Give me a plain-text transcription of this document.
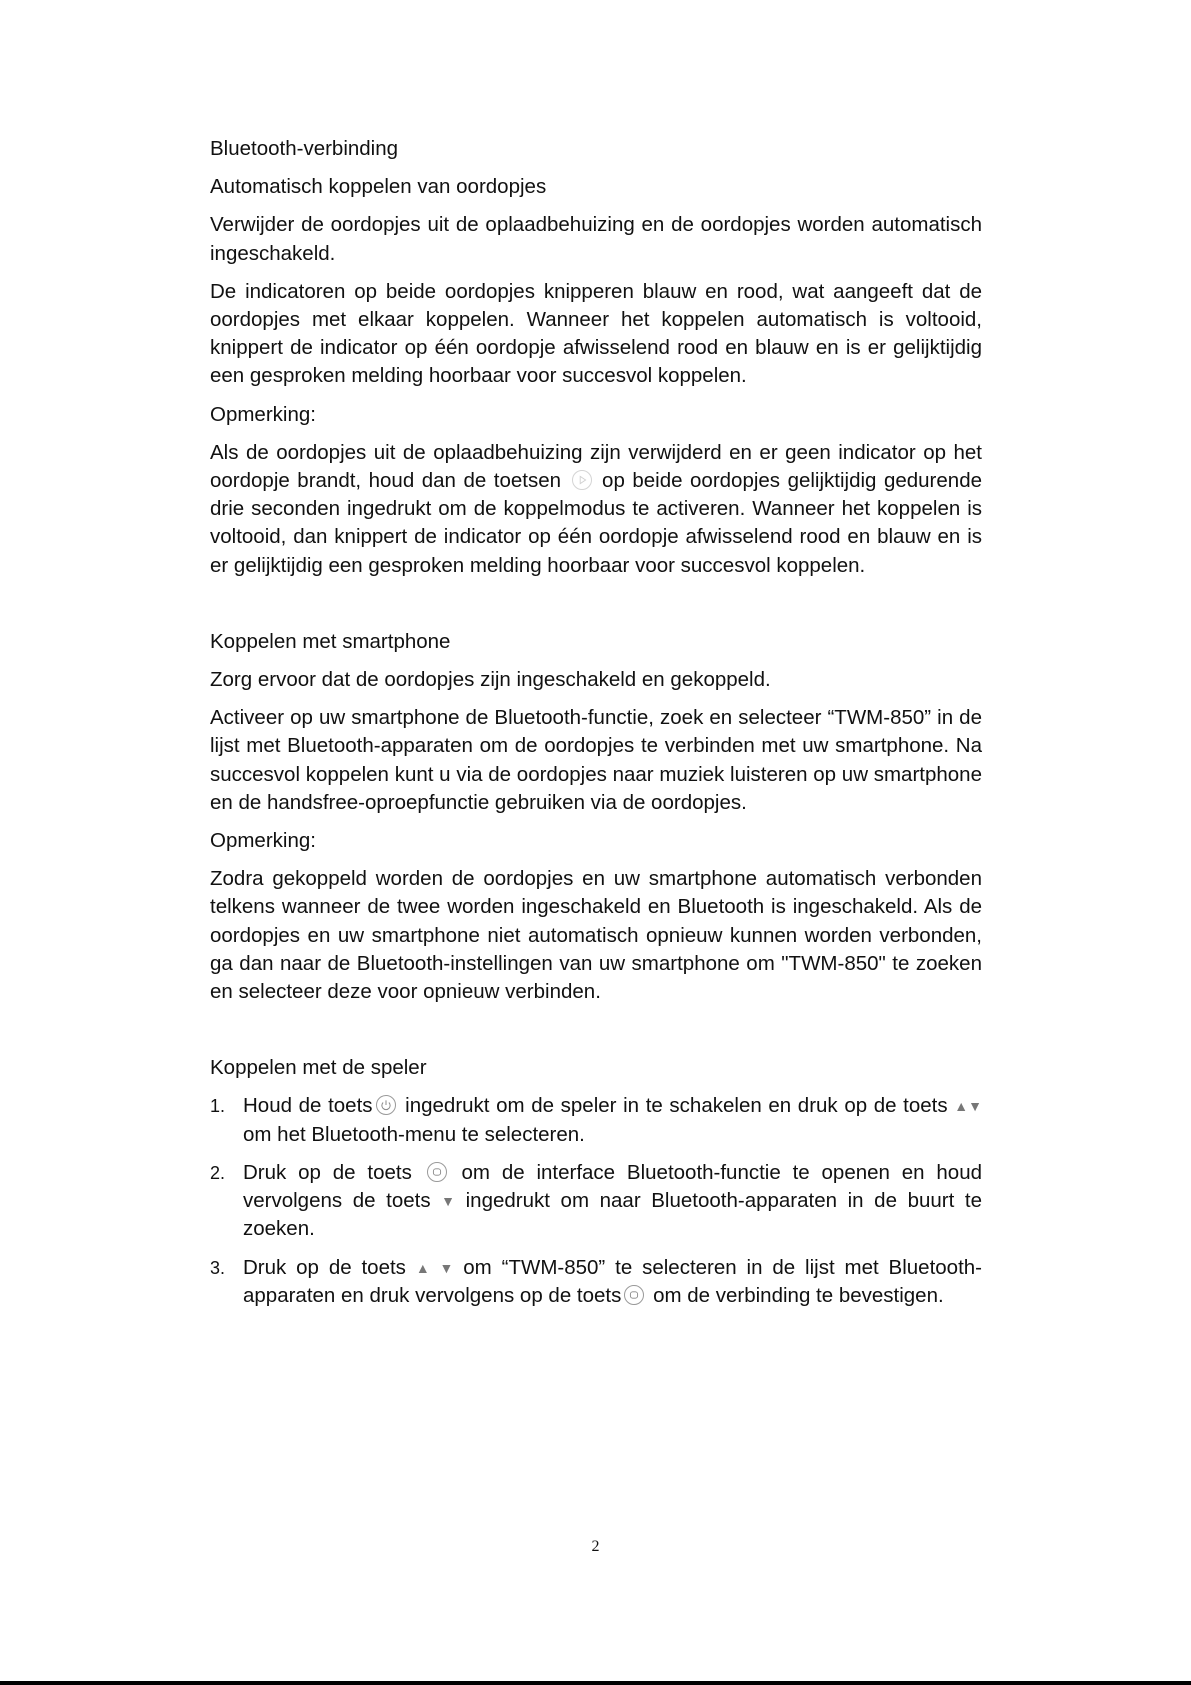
Bluetooth-verbinding
Automatisch koppelen van oordopjes
Verwijder de oordopjes uit de oplaadbehuizing en de oordopjes worden automatisch ingeschakeld.
De indicatoren op beide oordopjes knipperen blauw en rood, wat aangeeft dat de oordopjes met elkaar koppelen. Wanneer het koppelen automatisch is voltooid, knippert de indicator op één oordopje afwisselend rood en blauw en is er gelijktijdig een gesproken melding hoorbaar voor succesvol koppelen.
Opmerking:
Als de oordopjes uit de oplaadbehuizing zijn verwijderd en er geen indicator op het oordopje brandt, houd dan de toetsen op beide oordopjes gelijktijdig gedurende drie seconden ingedrukt om de koppelmodus te activeren. Wanneer het koppelen is voltooid, dan knippert de indicator op één oordopje afwisselend rood en blauw en is er gelijktijdig een gesproken melding hoorbaar voor succesvol koppelen.
Koppelen met smartphone
Zorg ervoor dat de oordopjes zijn ingeschakeld en gekoppeld.
Activeer op uw smartphone de Bluetooth-functie, zoek en selecteer “TWM-850” in de lijst met Bluetooth-apparaten om de oordopjes te verbinden met uw smartphone. Na succesvol koppelen kunt u via de oordopjes naar muziek luisteren op uw smartphone en de handsfree-oproepfunctie gebruiken via de oordopjes.
Opmerking:
Zodra gekoppeld worden de oordopjes en uw smartphone automatisch verbonden telkens wanneer de twee worden ingeschakeld en Bluetooth is ingeschakeld. Als de oordopjes en uw smartphone niet automatisch opnieuw kunnen worden verbonden, ga dan naar de Bluetooth-instellingen van uw smartphone om "TWM-850" te zoeken en selecteer deze voor opnieuw verbinden.
Koppelen met de speler
1. Houd de toets ingedrukt om de speler in te schakelen en druk op de toets ▲▼ om het Bluetooth-menu te selecteren.
2. Druk op de toets om de interface Bluetooth-functie te openen en houd vervolgens de toets ▼ ingedrukt om naar Bluetooth-apparaten in de buurt te zoeken.
3. Druk op de toets ▲ ▼ om “TWM-850” te selecteren in de lijst met Bluetooth-apparaten en druk vervolgens op de toets om de verbinding te bevestigen.
2
